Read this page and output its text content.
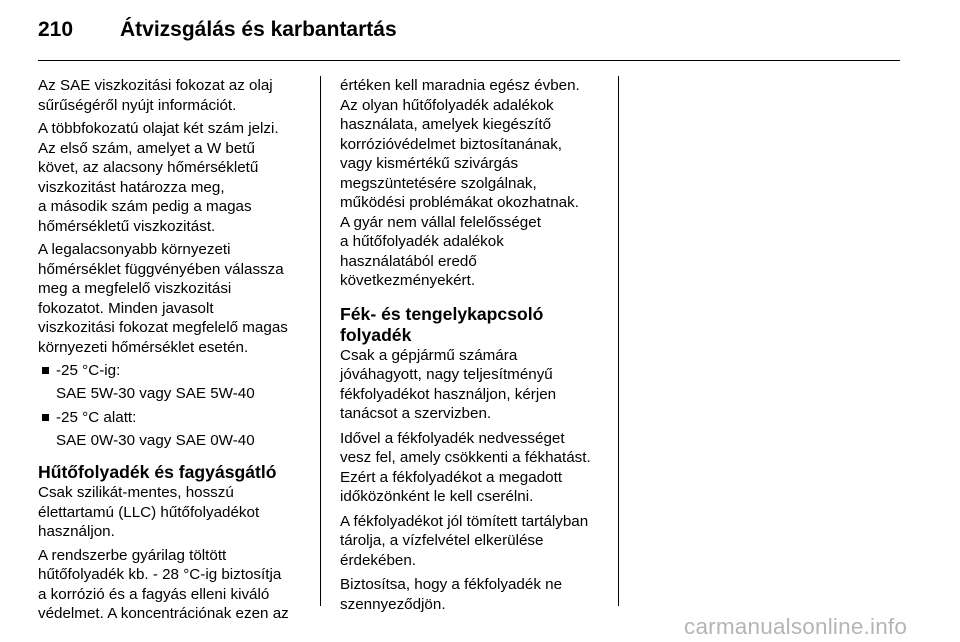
210 Átvizsgálás és karbantartás

Az SAE viszkozitási fokozat az olaj
sűrűségéről nyújt információt.

A többfokozatú olajat két szám jelzi.
Az első szám, amelyet a W betű
követ, az alacsony hőmérsékletű
viszkozitást határozza meg,
a második szám pedig a magas
hőmérsékletű viszkozitást.

A legalacsonyabb környezeti
hőmérséklet függvényében válassza
meg a megfelelő viszkozitási
fokozatot. Minden javasolt
viszkozitási fokozat megfelelő magas
környezeti hőmérséklet esetén.

-25 °C-ig:
SAE 5W-30 vagy SAE 5W-40
-25 °C alatt:
SAE 0W-30 vagy SAE 0W-40
Hűtőfolyadék és fagyásgátló

Csak szilikát-mentes, hosszú
élettartamú (LLC) hűtőfolyadékot
használjon.

A rendszerbe gyárilag töltött
hűtőfolyadék kb. - 28 °C-ig biztosítja
a korrózió és a fagyás elleni kiváló
védelmet. A koncentrációnak ezen az

értéken kell maradnia egész évben.
Az olyan hűtőfolyadék adalékok
használata, amelyek kiegészítő
korrózióvédelmet biztosítanának,
vagy kismértékű szivárgás
megszüntetésére szolgálnak,
működési problémákat okozhatnak.
A gyár nem vállal felelősséget
a hűtőfolyadék adalékok
használatából eredő
következményekért.

Fék- és tengelykapcsoló
folyadék

Csak a gépjármű számára
jóváhagyott, nagy teljesítményű
fékfolyadékot használjon, kérjen
tanácsot a szervizben.

Idővel a fékfolyadék nedvességet
vesz fel, amely csökkenti a fékhatást.
Ezért a fékfolyadékot a megadott
időközönként le kell cserélni.

A fékfolyadékot jól tömített tartályban
tárolja, a vízfelvétel elkerülése
érdekében.

Biztosítsa, hogy a fékfolyadék ne
szennyeződjön.

carmanualsonline.info
